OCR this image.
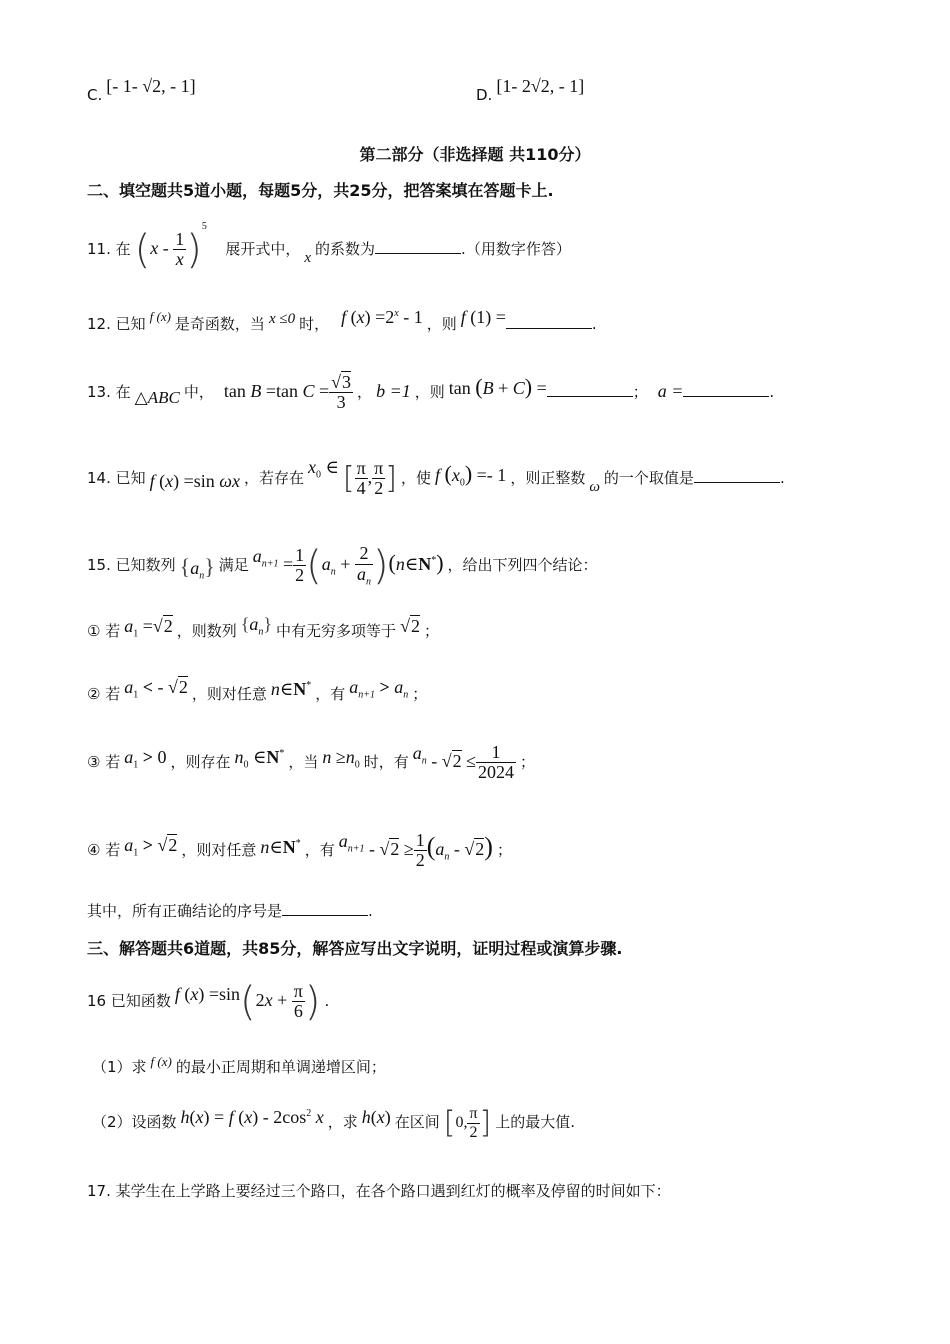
C. [- 1- √2, - 1]	D. [1- 2√2, - 1]
第二部分（非选择题 共110分）
二、填空题共5道小题，每题5分，共25分，把答案填在答题卡上.
11. 在 $(x - \frac{1}{x} )^5$ 展开式中， x 的系数为	.（用数字作答）
12. 已知 $^{f (x)}$ 是奇函数，当 x ≤0 时， f $(x) =2^x - 1$ ，则 f (1) =	.
13. 在 △ABC 中， tan B =tan $C = \frac{√3}{3}$ ， b =1 ，则 tan (B + C) =	； a =	.
14. 已知 f (x) =sin ωx ，若存在 $x_0$ ∈ [ $\frac{\pi}{4}$ , $\frac{\pi}{2}$ ] ，使 f $(x_0) =- 1$ ，则正整数 ω 的一个取值是	.
15. 已知数列 $\{a_n\}$ 满足 $a_{n+1} = \frac{1}{2} (a_n + \frac{2}{a_n}$ )(n∈N*) ，给出下列四个结论：
① 若 $a_1 =√2$ ，则数列 $\{a_n\}$ 中有无穷多项等于 √2 ；
② 若 $a_1$ < - √2 ，则对任意 n∈N* ，有 $a_{n+1} > a_n$ ；
③ 若 $a_1 > 0$ ，则存在 $n_0$ ∈N* ，当 $n \ge n_0$ 时，有 $a_n - √2 \le \frac{1}{2024}$ ；
④ 若 $a_1 > √2$ ，则对任意 n∈N* ，有 $a_{n+1} - √2 \ge \frac{1}{2} (a_n - √2)$ ；
其中，所有正确结论的序号是	.
三、解答题共6道题，共85分，解答应写出文字说明，证明过程或演算步骤.
16 已知函数 f $(x) =\sin(2x + \frac{\pi}{6}$ ) .
（1）求 $^{f (x)}$ 的最小正周期和单调递增区间；
（2）设函数 h(x) = f $(x) - 2\cos^2$ x ，求 h(x) 在区间 [0, $\frac{\pi}{2}$ ] 上的最大值.
17. 某学生在上学路上要经过三个路口，在各个路口遇到红灯的概率及停留的时间如下：
